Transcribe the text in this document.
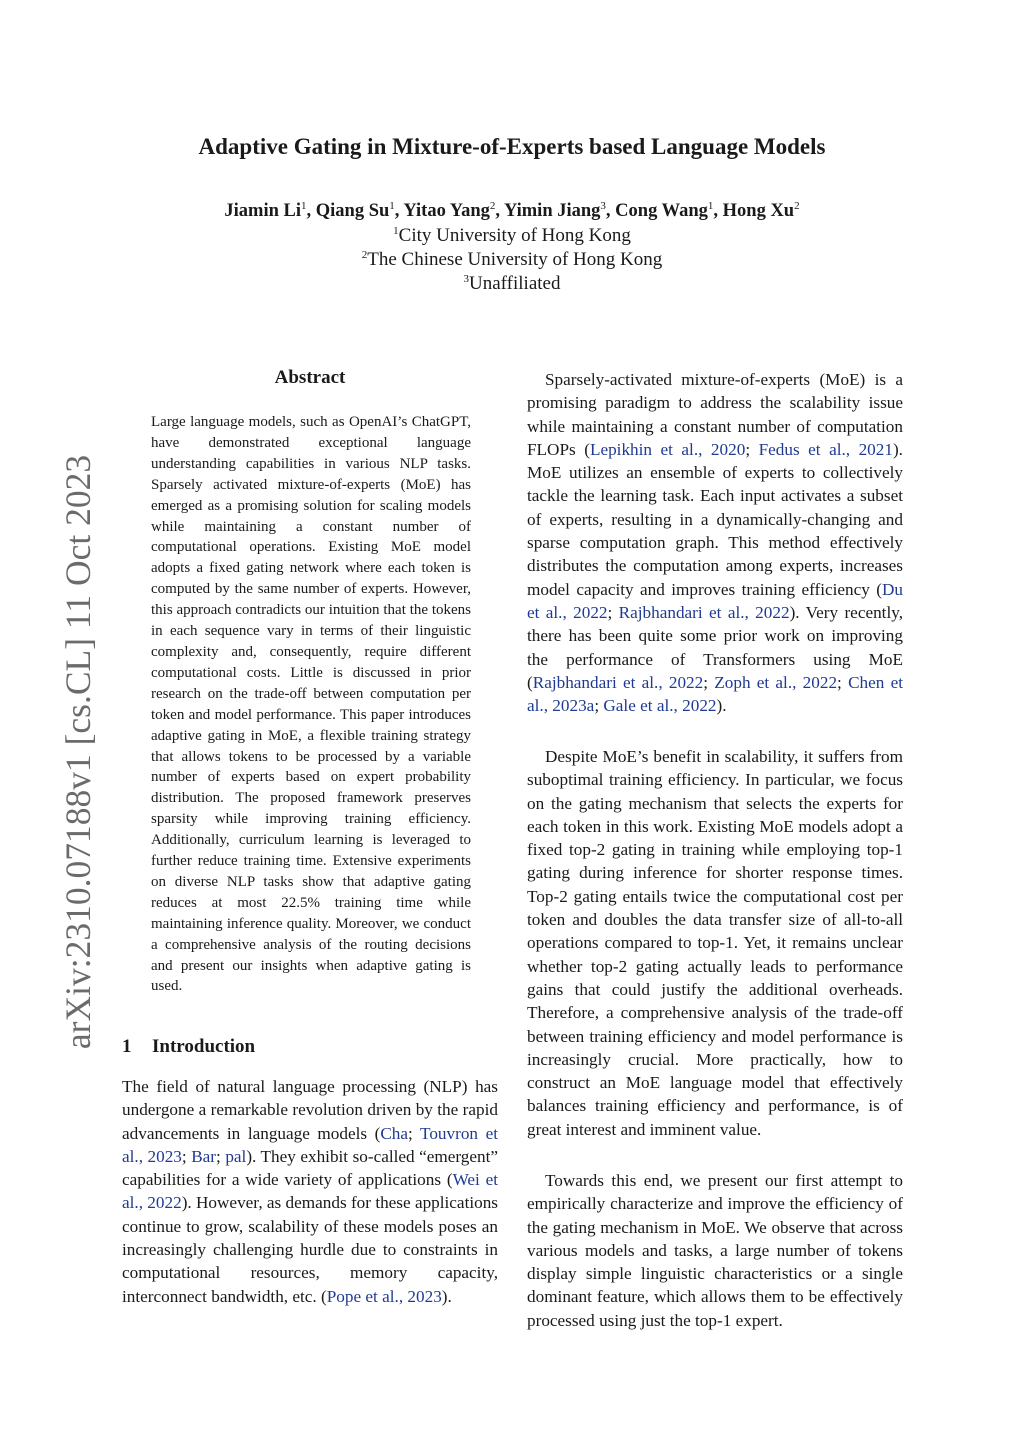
Adaptive Gating in Mixture-of-Experts based Language Models
Jiamin Li$^1$, Qiang Su$^1$, Yitao Yang$^2$, Yimin Jiang$^3$, Cong Wang$^1$, Hong Xu$^2$
$^1$City University of Hong Kong
$^2$The Chinese University of Hong Kong
$^3$Unaffiliated
arXiv:2310.07188v1 [cs.CL] 11 Oct 2023
Abstract

Large language models, such as OpenAI’s ChatGPT, have demonstrated exceptional language understanding capabilities in various NLP tasks. Sparsely activated mixture-of-experts (MoE) has emerged as a promising solution for scaling models while maintaining a constant number of computational operations. Existing MoE model adopts a fixed gating network where each token is computed by the same number of experts. However, this approach contradicts our intuition that the tokens in each sequence vary in terms of their linguistic complexity and, consequently, require different computational costs. Little is discussed in prior research on the trade-off between computation per token and model performance. This paper introduces adaptive gating in MoE, a flexible training strategy that allows tokens to be processed by a variable number of experts based on expert probability distribution. The proposed framework preserves sparsity while improving training efficiency. Additionally, curriculum learning is leveraged to further reduce training time. Extensive experiments on diverse NLP tasks show that adaptive gating reduces at most 22.5% training time while maintaining inference quality. Moreover, we conduct a comprehensive analysis of the routing decisions and present our insights when adaptive gating is used.

1 Introduction

The field of natural language processing (NLP) has undergone a remarkable revolution driven by the rapid advancements in language models (Cha; Touvron et al., 2023; Bar; pal). They exhibit so-called “emergent” capabilities for a wide variety of applications (Wei et al., 2022). However, as demands for these applications continue to grow, scalability of these models poses an increasingly challenging hurdle due to constraints in computational resources, memory capacity, interconnect bandwidth, etc. (Pope et al., 2023).

Sparsely-activated mixture-of-experts (MoE) is a promising paradigm to address the scalability issue while maintaining a constant number of computation FLOPs (Lepikhin et al., 2020; Fedus et al., 2021). MoE utilizes an ensemble of experts to collectively tackle the learning task. Each input activates a subset of experts, resulting in a dynamically-changing and sparse computation graph. This method effectively distributes the computation among experts, increases model capacity and improves training efficiency (Du et al., 2022; Rajbhandari et al., 2022). Very recently, there has been quite some prior work on improving the performance of Transformers using MoE (Rajbhandari et al., 2022; Zoph et al., 2022; Chen et al., 2023a; Gale et al., 2022).

Despite MoE’s benefit in scalability, it suffers from suboptimal training efficiency. In particular, we focus on the gating mechanism that selects the experts for each token in this work. Existing MoE models adopt a fixed top-2 gating in training while employing top-1 gating during inference for shorter response times. Top-2 gating entails twice the computational cost per token and doubles the data transfer size of all-to-all operations compared to top-1. Yet, it remains unclear whether top-2 gating actually leads to performance gains that could justify the additional overheads. Therefore, a comprehensive analysis of the trade-off between training efficiency and model performance is increasingly crucial. More practically, how to construct an MoE language model that effectively balances training efficiency and performance, is of great interest and imminent value.

Towards this end, we present our first attempt to empirically characterize and improve the efficiency of the gating mechanism in MoE. We observe that across various models and tasks, a large number of tokens display simple linguistic characteristics or a single dominant feature, which allows them to be effectively processed using just the top-1 expert.
